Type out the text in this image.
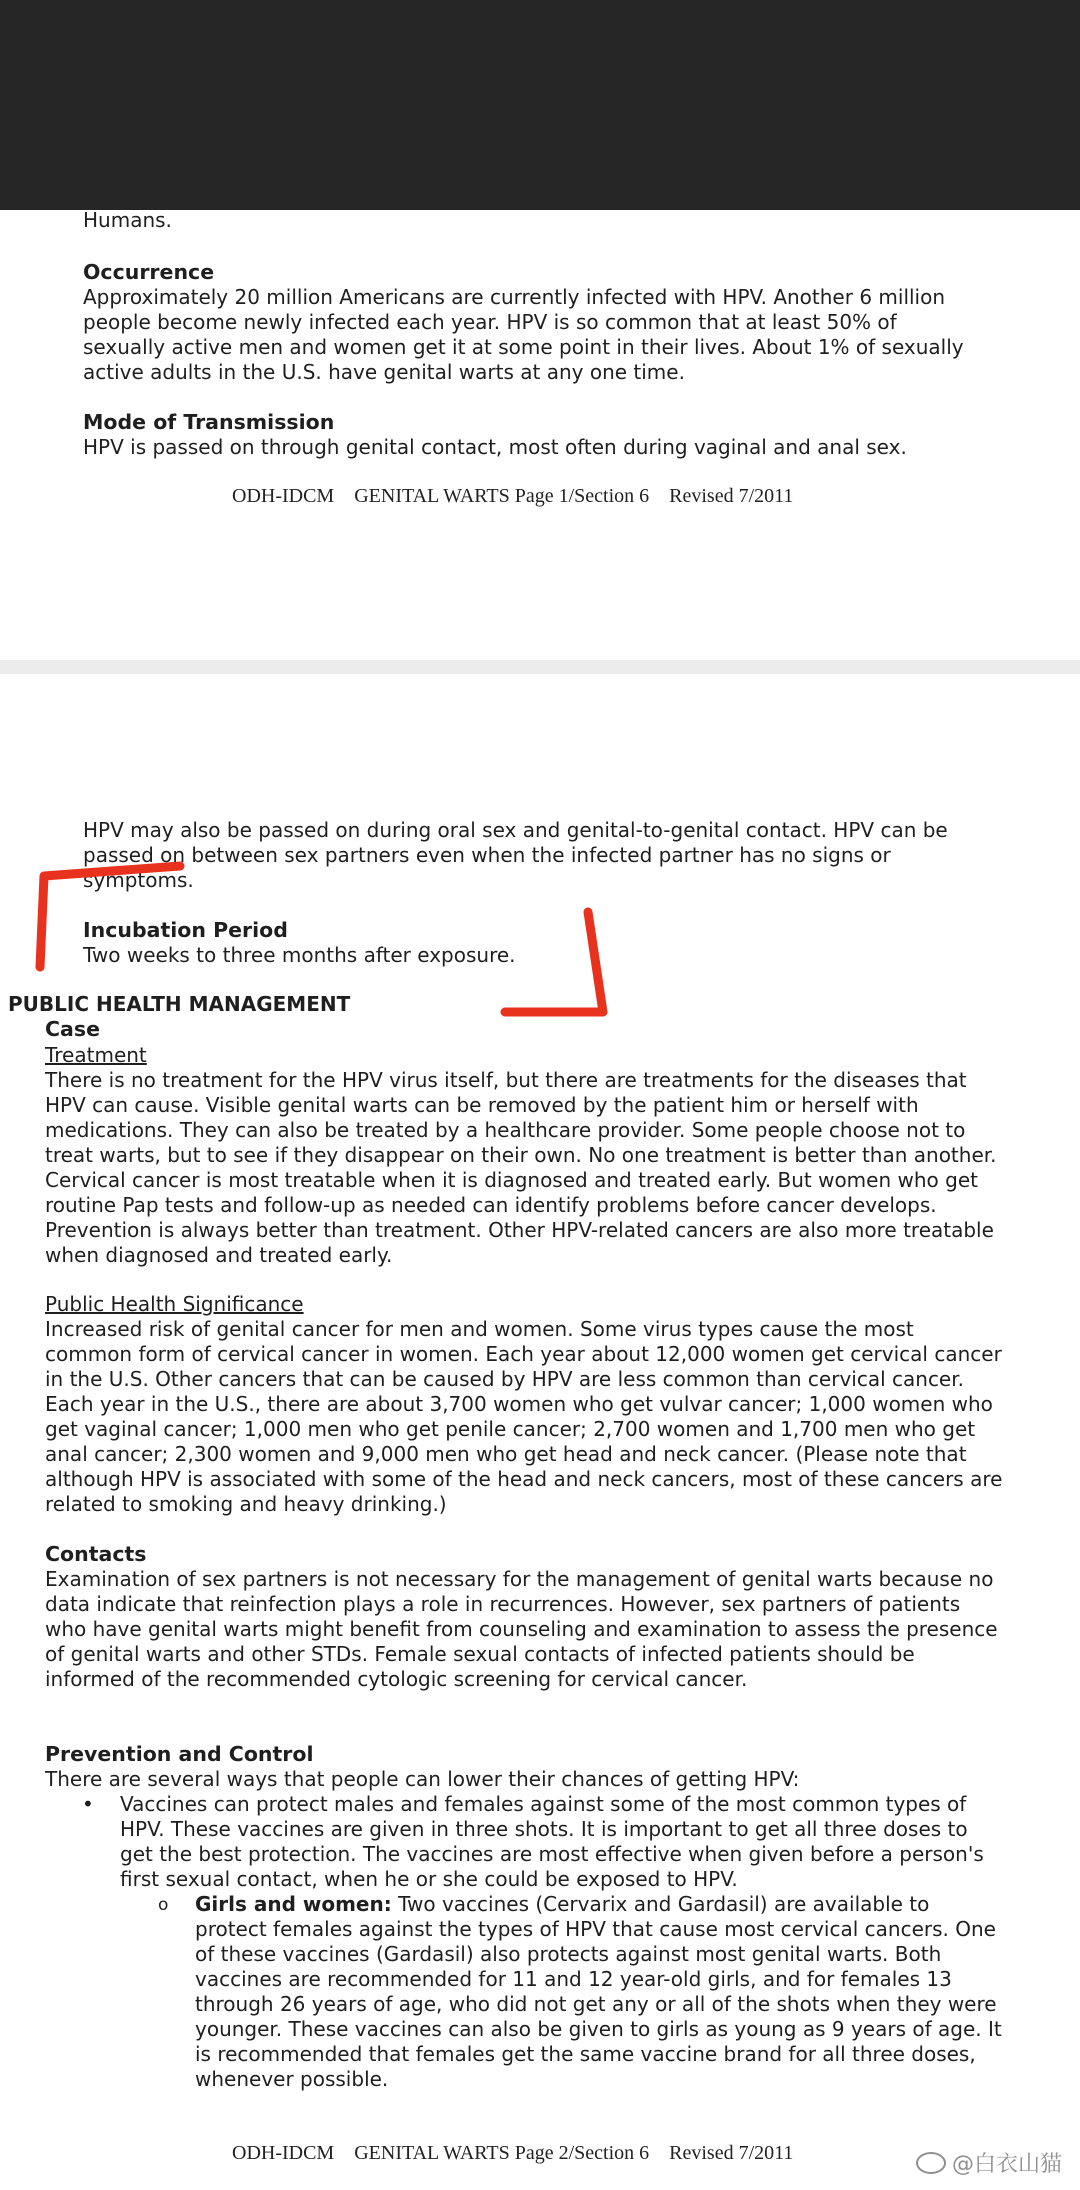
Humans.

Occurrence

Approximately 20 million Americans are currently infected with HPV. Another 6 million people become newly infected each year. HPV is so common that at least 50% of sexually active men and women get it at some point in their lives. About 1% of sexually active adults in the U.S. have genital warts at any one time.

Mode of Transmission

HPV is passed on through genital contact, most often during vaginal and anal sex.

ODH-IDCM    GENITAL WARTS Page 1/Section 6    Revised 7/2011

HPV may also be passed on during oral sex and genital-to-genital contact. HPV can be passed on between sex partners even when the infected partner has no signs or symptoms.

Incubation Period

Two weeks to three months after exposure.

PUBLIC HEALTH MANAGEMENT
Case

Treatment

There is no treatment for the HPV virus itself, but there are treatments for the diseases that HPV can cause. Visible genital warts can be removed by the patient him or herself with medications. They can also be treated by a healthcare provider. Some people choose not to treat warts, but to see if they disappear on their own. No one treatment is better than another. Cervical cancer is most treatable when it is diagnosed and treated early. But women who get routine Pap tests and follow-up as needed can identify problems before cancer develops. Prevention is always better than treatment. Other HPV-related cancers are also more treatable when diagnosed and treated early.

Public Health Significance

Increased risk of genital cancer for men and women. Some virus types cause the most common form of cervical cancer in women. Each year about 12,000 women get cervical cancer in the U.S. Other cancers that can be caused by HPV are less common than cervical cancer. Each year in the U.S., there are about 3,700 women who get vulvar cancer; 1,000 women who get vaginal cancer; 1,000 men who get penile cancer; 2,700 women and 1,700 men who get anal cancer; 2,300 women and 9,000 men who get head and neck cancer. (Please note that although HPV is associated with some of the head and neck cancers, most of these cancers are related to smoking and heavy drinking.)

Contacts

Examination of sex partners is not necessary for the management of genital warts because no data indicate that reinfection plays a role in recurrences. However, sex partners of patients who have genital warts might benefit from counseling and examination to assess the presence of genital warts and other STDs. Female sexual contacts of infected patients should be informed of the recommended cytologic screening for cervical cancer.

Prevention and Control

There are several ways that people can lower their chances of getting HPV:

• Vaccines can protect males and females against some of the most common types of HPV. These vaccines are given in three shots. It is important to get all three doses to get the best protection. The vaccines are most effective when given before a person's first sexual contact, when he or she could be exposed to HPV.

o Girls and women: Two vaccines (Cervarix and Gardasil) are available to protect females against the types of HPV that cause most cervical cancers. One of these vaccines (Gardasil) also protects against most genital warts. Both vaccines are recommended for 11 and 12 year-old girls, and for females 13 through 26 years of age, who did not get any or all of the shots when they were younger. These vaccines can also be given to girls as young as 9 years of age. It is recommended that females get the same vaccine brand for all three doses, whenever possible.

ODH-IDCM    GENITAL WARTS Page 2/Section 6    Revised 7/2011	@白衣山猫
